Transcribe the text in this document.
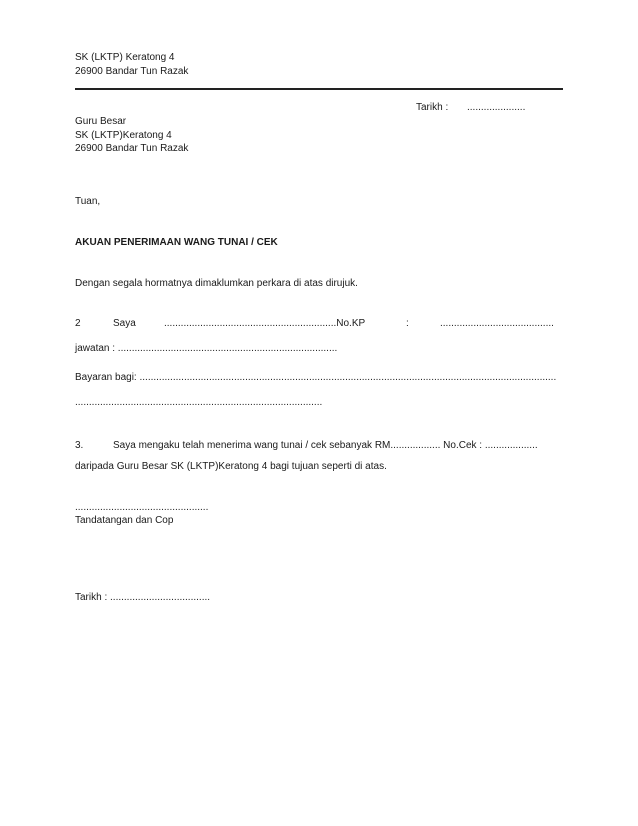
SK (LKTP) Keratong 4
26900 Bandar Tun Razak
Tarikh : .....................
Guru Besar
SK (LKTP)Keratong 4
26900 Bandar Tun Razak
Tuan,
AKUAN PENERIMAAN WANG TUNAI / CEK
Dengan segala hormatnya dimaklumkan perkara di atas dirujuk.
2	Saya	..............................................................No.KP	:	.........................................
jawatan : ...............................................................................
Bayaran bagi: ......................................................................................................................................................
.........................................................................................
3.	Saya mengaku telah menerima wang tunai / cek sebanyak RM.................. No.Cek : ...................
daripada Guru Besar SK (LKTP)Keratong 4 bagi tujuan seperti di atas.
................................................
Tandatangan dan Cop
Tarikh : ....................................
